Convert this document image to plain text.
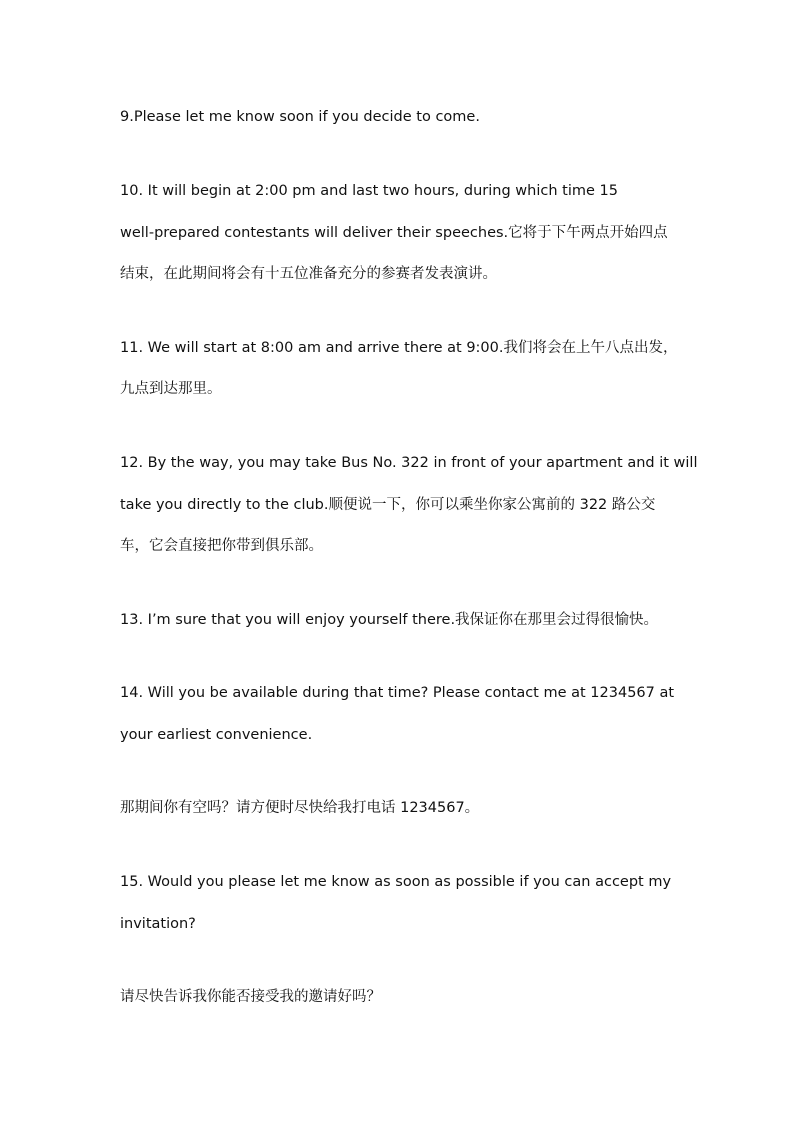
9.Please let me know soon if you decide to come.
10. It will begin at 2:00 pm and last two hours, during which time 15
well-prepared contestants will deliver their speeches.它将于下午两点开始四点
结束，在此期间将会有十五位准备充分的参赛者发表演讲。
11. We will start at 8:00 am and arrive there at 9:00.我们将会在上午八点出发，
九点到达那里。
12. By the way, you may take Bus No. 322 in front of your apartment and it will
take you directly to the club.顺便说一下，你可以乘坐你家公寓前的 322 路公交
车，它会直接把你带到俱乐部。
13. I’m sure that you will enjoy yourself there.我保证你在那里会过得很愉快。
14. Will you be available during that time? Please contact me at 1234567 at
your earliest convenience.
那期间你有空吗？请方便时尽快给我打电话 1234567。
15. Would you please let me know as soon as possible if you can accept my
invitation?
请尽快告诉我你能否接受我的邀请好吗？
